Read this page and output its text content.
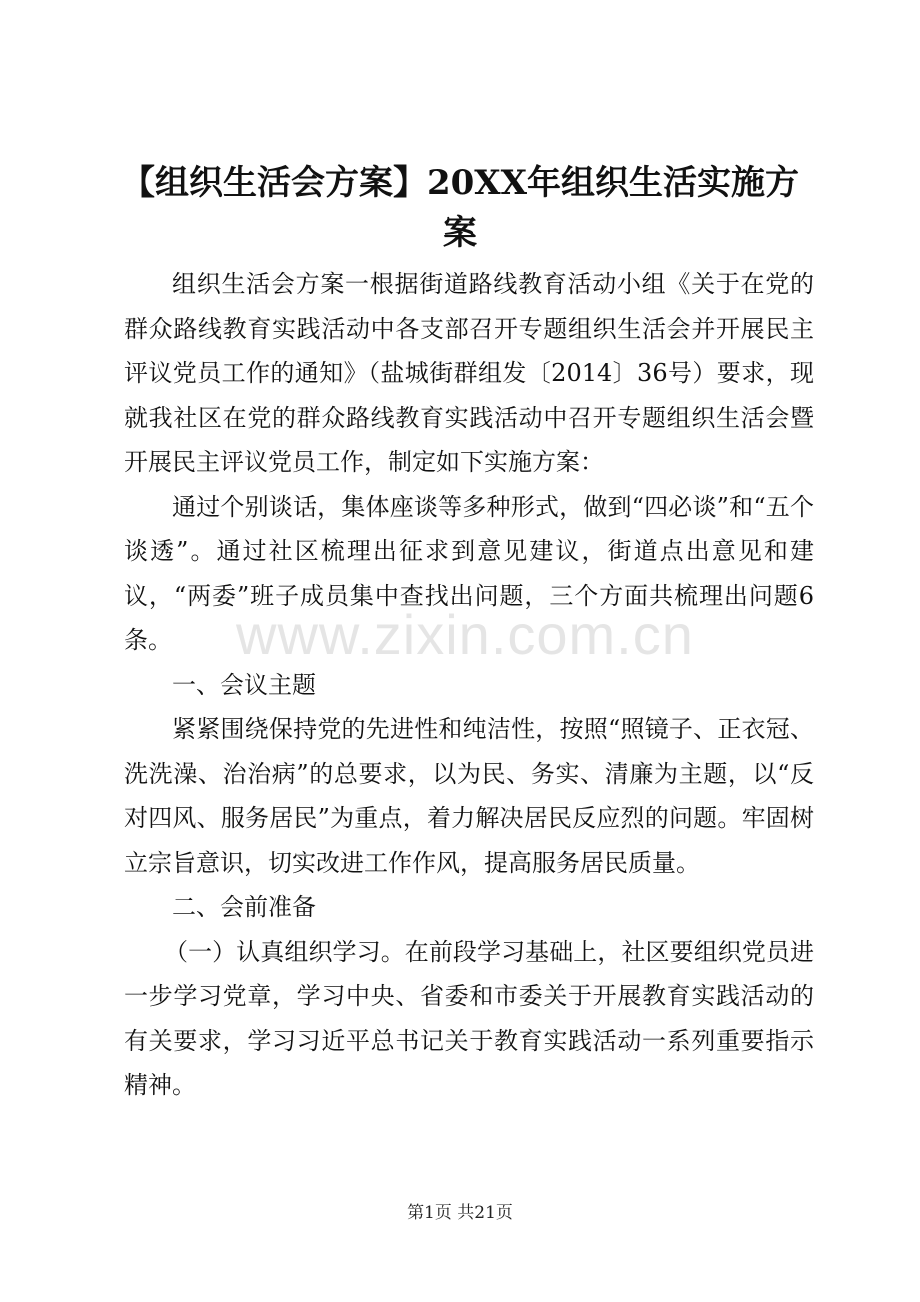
【组织生活会方案】20XX年组织生活实施方案

组织生活会方案一根据街道路线教育活动小组《关于在党的群众路线教育实践活动中各支部召开专题组织生活会并开展民主评议党员工作的通知》（盐城街群组发〔2014〕36号）要求，现就我社区在党的群众路线教育实践活动中召开专题组织生活会暨开展民主评议党员工作，制定如下实施方案：

通过个别谈话，集体座谈等多种形式，做到“四必谈”和“五个谈透”。通过社区梳理出征求到意见建议，街道点出意见和建议，“两委”班子成员集中查找出问题，三个方面共梳理出问题6条。

一、会议主题

紧紧围绕保持党的先进性和纯洁性，按照“照镜子、正衣冠、洗洗澡、治治病”的总要求，以为民、务实、清廉为主题，以“反对四风、服务居民”为重点，着力解决居民反应烈的问题。牢固树立宗旨意识，切实改进工作作风，提高服务居民质量。

二、会前准备

（一）认真组织学习。在前段学习基础上，社区要组织党员进一步学习党章，学习中央、省委和市委关于开展教育实践活动的有关要求，学习习近平总书记关于教育实践活动一系列重要指示精神。

www.zixin.com.cn
第1页 共21页
